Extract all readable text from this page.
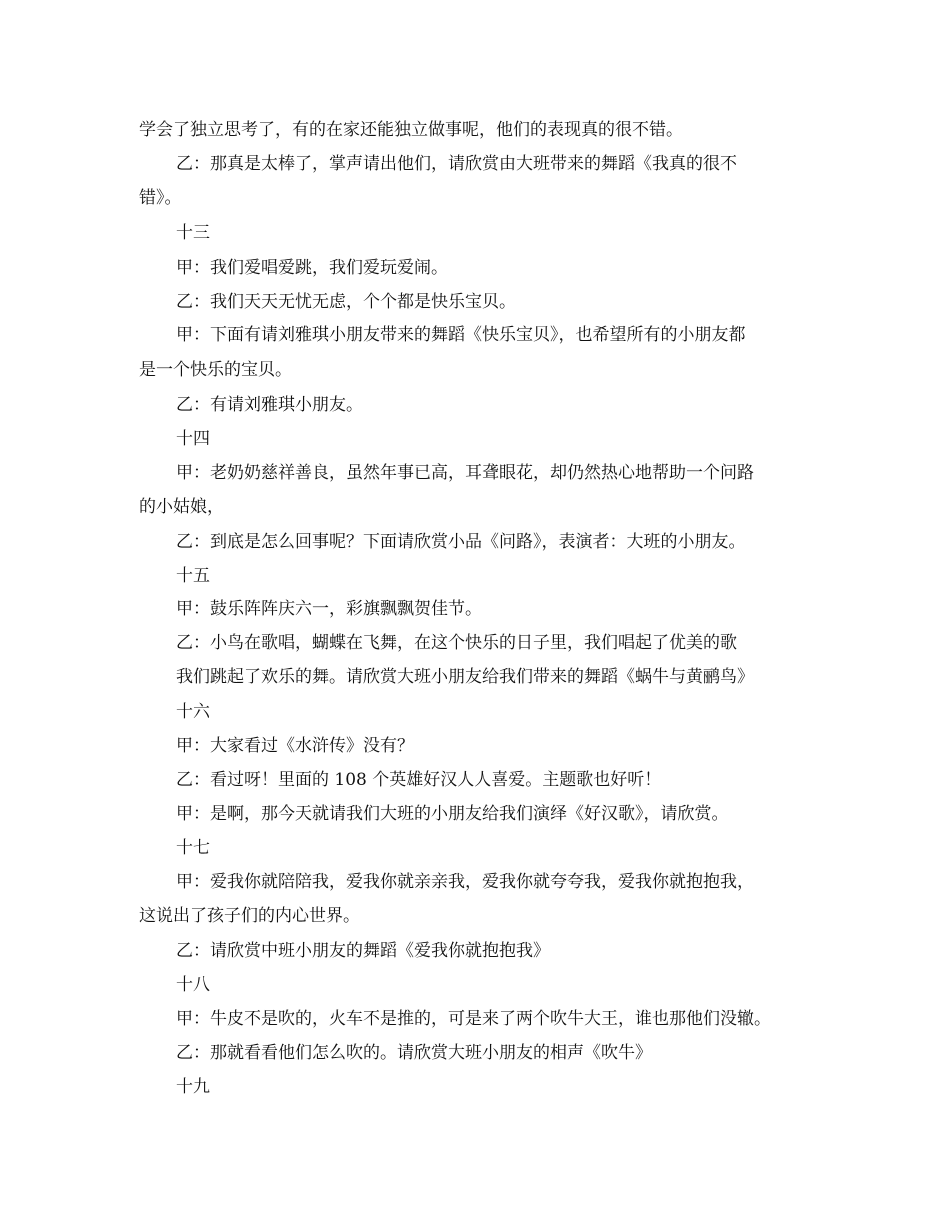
学会了独立思考了，有的在家还能独立做事呢，他们的表现真的很不错。
乙：那真是太棒了，掌声请出他们，请欣赏由大班带来的舞蹈《我真的很不
错》。
十三
甲：我们爱唱爱跳，我们爱玩爱闹。
乙：我们天天无忧无虑，个个都是快乐宝贝。
甲：下面有请刘雅琪小朋友带来的舞蹈《快乐宝贝》，也希望所有的小朋友都
是一个快乐的宝贝。
乙：有请刘雅琪小朋友。
十四
甲：老奶奶慈祥善良，虽然年事已高，耳聋眼花，却仍然热心地帮助一个问路
的小姑娘，
乙：到底是怎么回事呢？下面请欣赏小品《问路》，表演者：大班的小朋友。
十五
甲：鼓乐阵阵庆六一，彩旗飘飘贺佳节。
乙：小鸟在歌唱，蝴蝶在飞舞，在这个快乐的日子里，我们唱起了优美的歌
我们跳起了欢乐的舞。请欣赏大班小朋友给我们带来的舞蹈《蜗牛与黄鹂鸟》
十六
甲：大家看过《水浒传》没有？
乙：看过呀！里面的 108 个英雄好汉人人喜爱。主题歌也好听！
甲：是啊，那今天就请我们大班的小朋友给我们演绎《好汉歌》，请欣赏。
十七
甲：爱我你就陪陪我，爱我你就亲亲我，爱我你就夸夸我，爱我你就抱抱我，
这说出了孩子们的内心世界。
乙：请欣赏中班小朋友的舞蹈《爱我你就抱抱我》
十八
甲：牛皮不是吹的，火车不是推的，可是来了两个吹牛大王，谁也那他们没辙。
乙：那就看看他们怎么吹的。请欣赏大班小朋友的相声《吹牛》
十九
